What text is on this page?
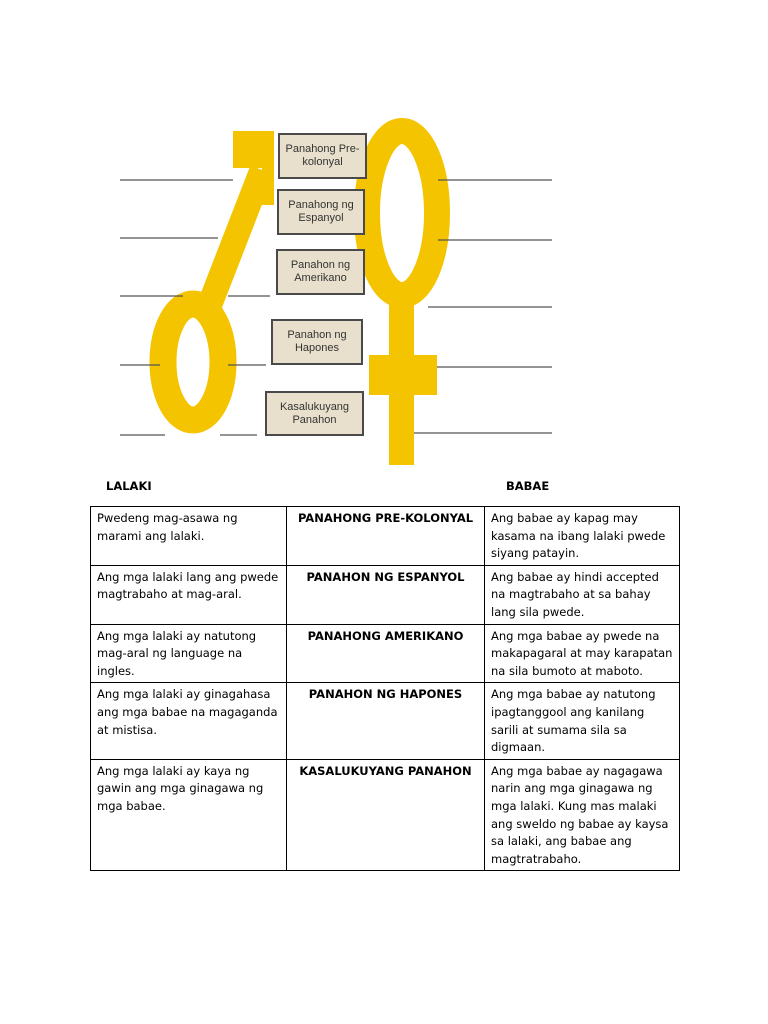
Panahong Pre-
kolonyal
Panahong ng
Espanyol
Panahon ng
Amerikano
Panahon ng
Hapones
Kasalukuyang
Panahon
LALAKI	BABAE
Pwedeng mag-asawa ng marami ang lalaki.	PANAHONG PRE-KOLONYAL	Ang babae ay kapag may kasama na ibang lalaki pwede siyang patayin.
Ang mga lalaki lang ang pwede magtrabaho at mag-aral.	PANAHON NG ESPANYOL	Ang babae ay hindi accepted na magtrabaho at sa bahay lang sila pwede.
Ang mga lalaki ay natutong mag-aral ng language na ingles.	PANAHONG AMERIKANO	Ang mga babae ay pwede na makapagaral at may karapatan na sila bumoto at maboto.
Ang mga lalaki ay ginagahasa ang mga babae na magaganda at mistisa.	PANAHON NG HAPONES	Ang mga babae ay natutong ipagtanggool ang kanilang sarili at sumama sila sa digmaan.
Ang mga lalaki ay kaya ng gawin ang mga ginagawa ng mga babae.	KASALUKUYANG PANAHON	Ang mga babae ay nagagawa narin ang mga ginagawa ng mga lalaki. Kung mas malaki ang sweldo ng babae ay kaysa sa lalaki, ang babae ang magtratrabaho.
